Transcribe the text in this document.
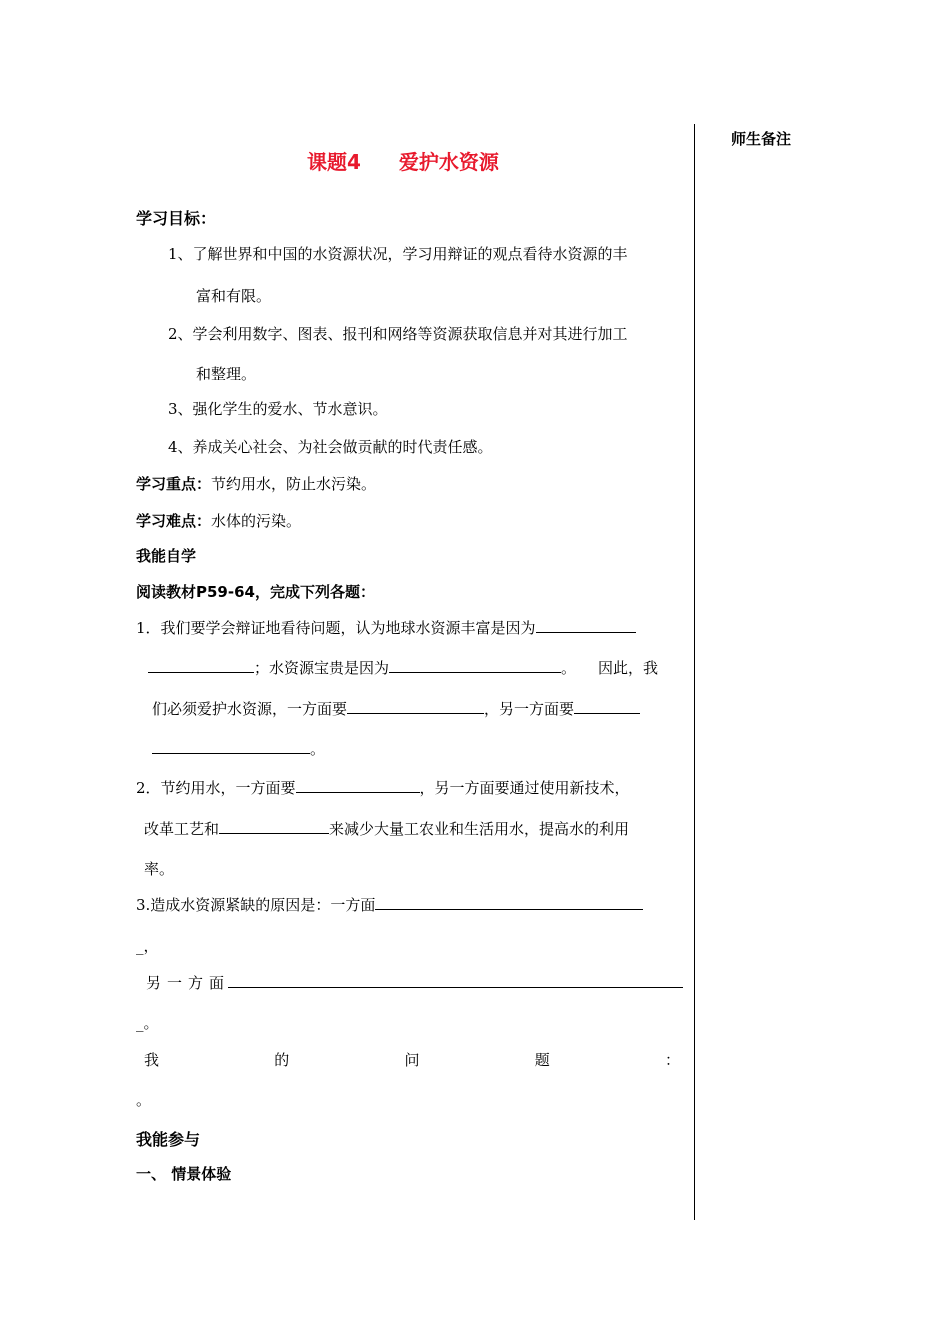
师生备注
课题4 爱护水资源
学习目标：
1、了解世界和中国的水资源状况，学习用辩证的观点看待水资源的丰
富和有限。
2、学会利用数字、图表、报刊和网络等资源获取信息并对其进行加工
和整理。
3、强化学生的爱水、节水意识。
4、养成关心社会、为社会做贡献的时代责任感。
学习重点：节约用水，防止水污染。
学习难点：水体的污染。
我能自学
阅读教材P59-64，完成下列各题：
1．我们要学会辩证地看待问题，认为地球水资源丰富是因为
；水资源宝贵是因为	。 因此，我
们必须爱护水资源，一方面要	，另一方面要
。
2．节约用水，一方面要	，另一方面要通过使用新技术，
改革工艺和	来减少大量工农业和生活用水，提高水的利用
率。
3.造成水资源紧缺的原因是：一方面
_，
另 一 方 面
_。
我	的	问	题	：
。
我能参与
一、 情景体验
